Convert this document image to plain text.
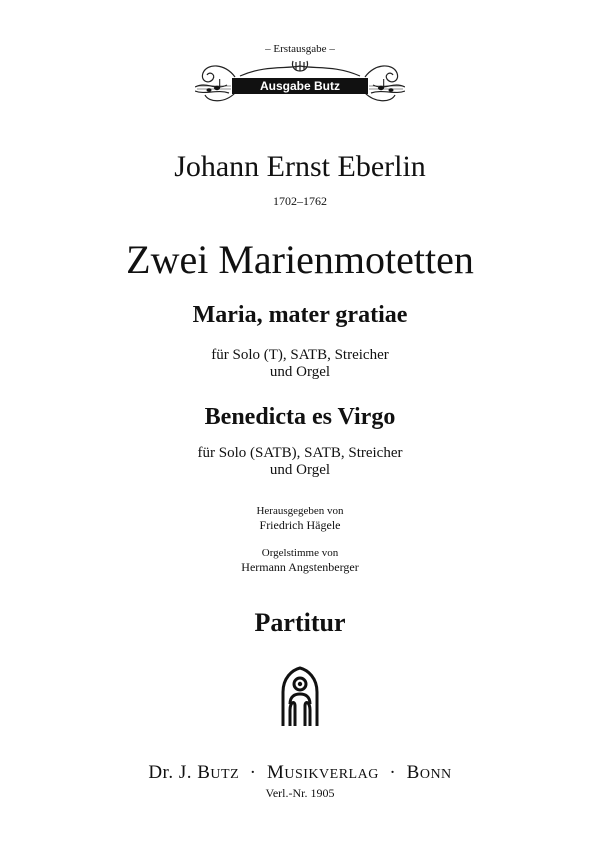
– Erstausgabe –
Ausgabe Butz
Johann Ernst Eberlin
1702–1762
Zwei Marienmotetten
Maria, mater gratiae
für Solo (T), SATB, Streicher
und Orgel
Benedicta es Virgo
für Solo (SATB), SATB, Streicher
und Orgel
Herausgegeben von
Friedrich Hägele
Orgelstimme von
Hermann Angstenberger
Partitur
Dr. J. BUTZ · MUSIKVERLAG · BONN
Verl.-Nr. 1905
